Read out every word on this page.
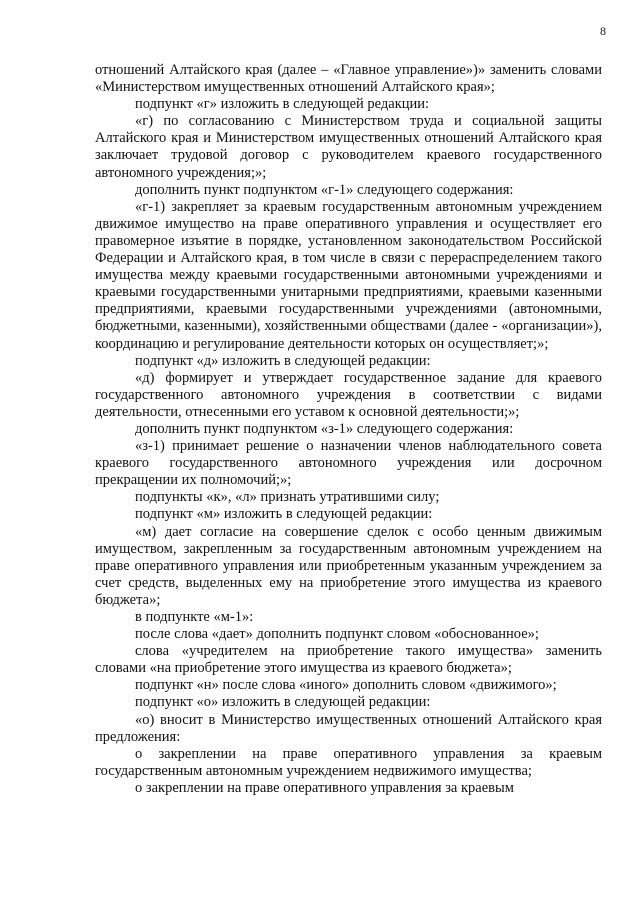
8

отношений Алтайского края (далее – «Главное управление»)» заменить словами «Министерством имущественных отношений Алтайского края»;

подпункт «г» изложить в следующей редакции:

«г) по согласованию с Министерством труда и социальной защиты Алтайского края и Министерством имущественных отношений Алтайского края заключает трудовой договор с руководителем краевого государственного автономного учреждения;»;

дополнить пункт подпунктом «г-1» следующего содержания:

«г-1) закрепляет за краевым государственным автономным учреждением движимое имущество на праве оперативного управления и осуществляет его правомерное изъятие в порядке, установленном законодательством Российской Федерации и Алтайского края, в том числе в связи с перераспределением такого имущества между краевыми государственными автономными учреждениями и краевыми государственными унитарными предприятиями, краевыми казенными предприятиями, краевыми государственными учреждениями (автономными, бюджетными, казенными), хозяйственными обществами (далее - «организации»), координацию и регулирование деятельности которых он осуществляет;»;

подпункт «д» изложить в следующей редакции:

«д) формирует и утверждает государственное задание для краевого государственного автономного учреждения в соответствии с видами деятельности, отнесенными его уставом к основной деятельности;»;

дополнить пункт подпунктом «з-1» следующего содержания:

«з-1) принимает решение о назначении членов наблюдательного совета краевого государственного автономного учреждения или досрочном прекращении их полномочий;»;

подпункты «к», «л» признать утратившими силу;

подпункт «м» изложить в следующей редакции:

«м) дает согласие на совершение сделок с особо ценным движимым имуществом, закрепленным за государственным автономным учреждением на праве оперативного управления или приобретенным указанным учреждением за счет средств, выделенных ему на приобретение этого имущества из краевого бюджета»;

в подпункте «м-1»:

после слова «дает» дополнить подпункт словом «обоснованное»;

слова «учредителем на приобретение такого имущества» заменить словами «на приобретение этого имущества из краевого бюджета»;

подпункт «н» после слова «иного» дополнить словом «движимого»;

подпункт «о» изложить в следующей редакции:

«о) вносит в Министерство имущественных отношений Алтайского края предложения:

о закреплении на праве оперативного управления за краевым государственным автономным учреждением недвижимого имущества;

о закреплении на праве оперативного управления за краевым
